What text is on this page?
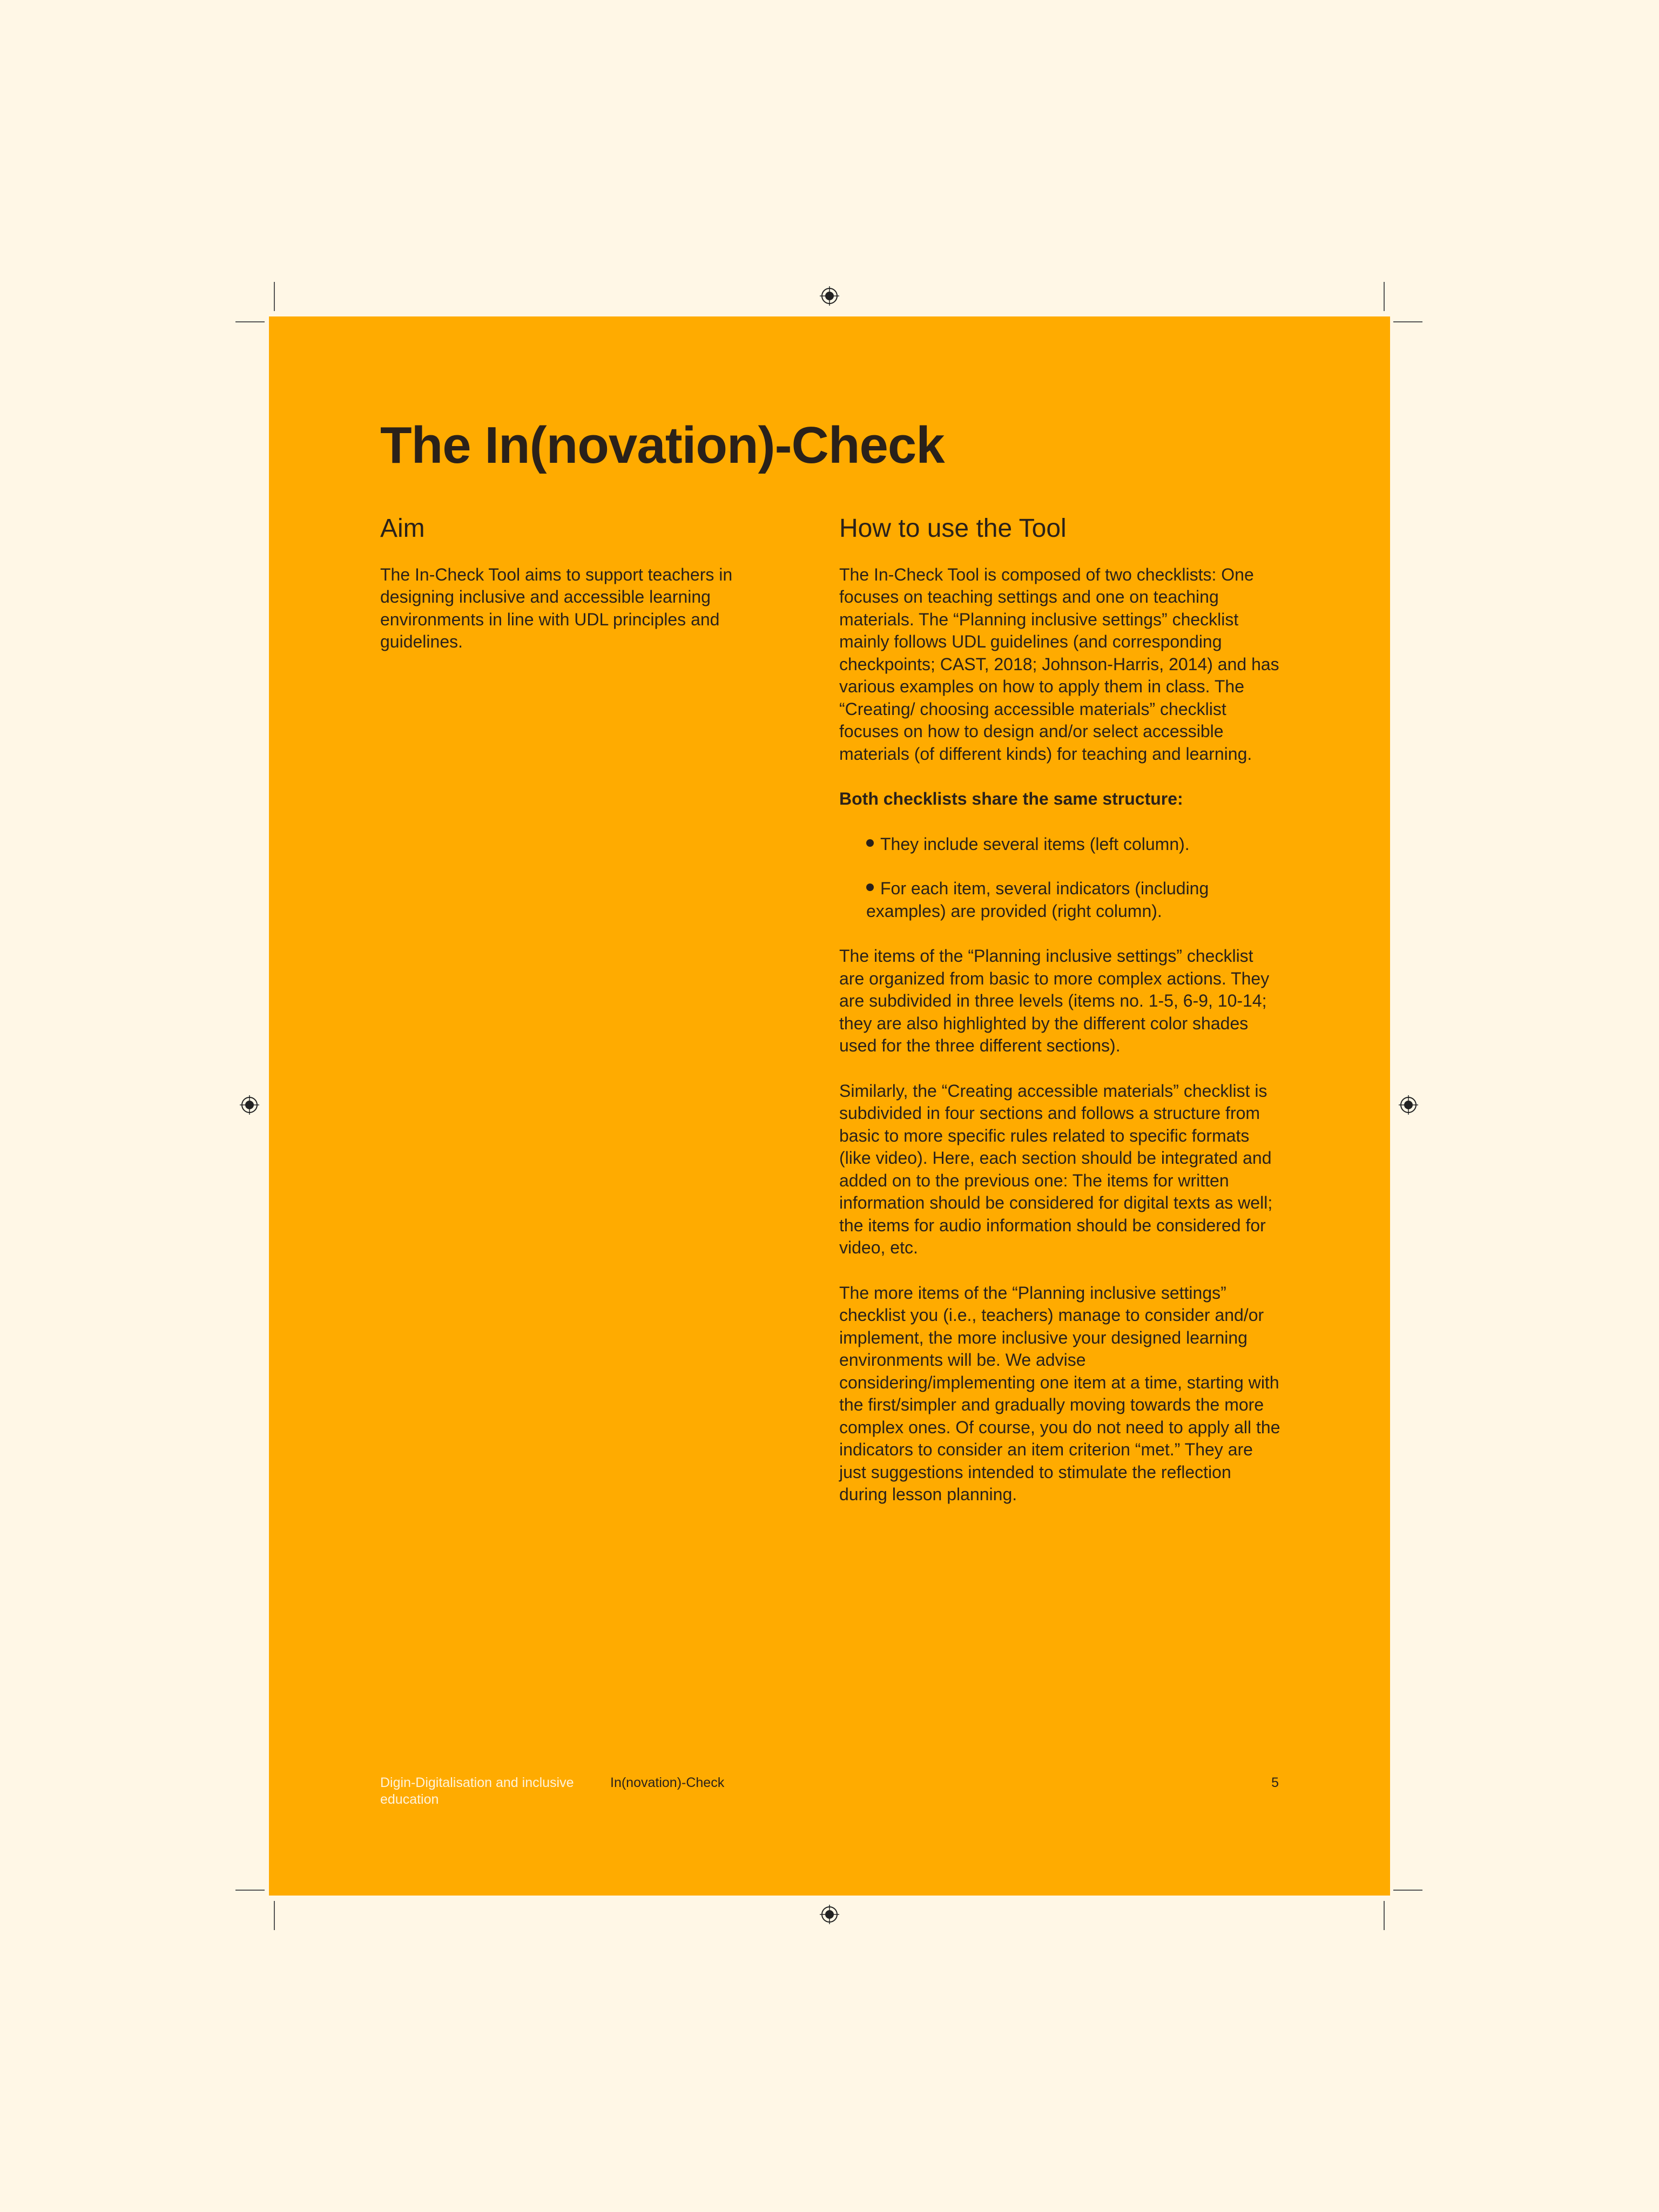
The In(novation)-Check
Aim

The In-Check Tool aims to support teachers in designing inclusive and accessible learning environments in line with UDL principles and guidelines.

How to use the Tool

The In-Check Tool is composed of two checklists: One focuses on teaching settings and one on teaching materials. The “Planning inclusive settings” checklist mainly follows UDL guidelines (and corresponding checkpoints; CAST, 2018; Johnson-Harris, 2014) and has various examples on how to apply them in class. The “Creating/ choosing accessible materials” checklist focuses on how to design and/or select accessible materials (of different kinds) for teaching and learning.

Both checklists share the same structure:

They include several items (left column).
For each item, several indicators (including examples) are provided (right column).

The items of the “Planning inclusive settings” checklist are organized from basic to more complex actions. They are subdivided in three levels (items no. 1-5, 6-9, 10-14; they are also highlighted by the different color shades used for the three different sections).

Similarly, the “Creating accessible materials” checklist is subdivided in four sections and follows a structure from basic to more specific rules related to specific formats (like video). Here, each section should be integrated and added on to the previous one: The items for written information should be considered for digital texts as well; the items for audio information should be considered for video, etc.

The more items of the “Planning inclusive settings” checklist you (i.e., teachers) manage to consider and/or implement, the more inclusive your designed learning environments will be. We advise considering/implementing one item at a time, starting with the first/simpler and gradually moving towards the more complex ones. Of course, you do not need to apply all the indicators to consider an item criterion “met.” They are just suggestions intended to stimulate the reflection during lesson planning.

Digin-Digitalisation and inclusive education
In(novation)-Check	5
